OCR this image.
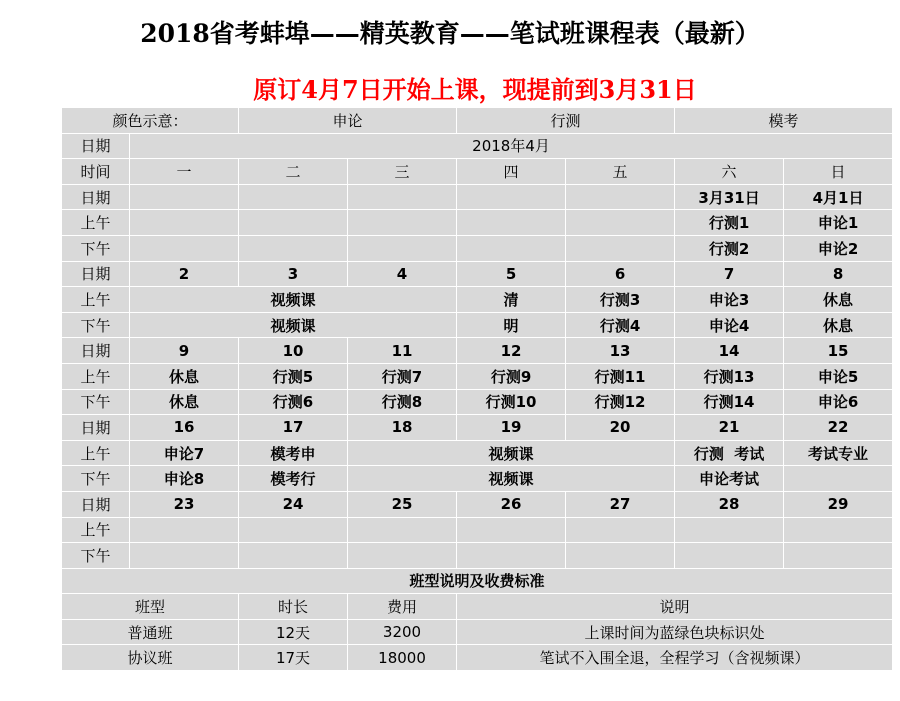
2018省考蚌埠——精英教育——笔试班课程表（最新）
原订4月7日开始上课，现提前到3月31日
颜色示意：		申论		行测		模考	
日期	2018年4月						
时间	一	二	三	四	五	六	日
日期						3月31日	4月1日
上午						行测1	申论1
下午						行测2	申论2
日期	2	3	4	5	6	7	8
上午	视频课			清	行测3	申论3	休息
下午	视频课			明	行测4	申论4	休息
日期	9	10	11	12	13	14	15
上午	休息	行测5	行测7	行测9	行测11	行测13	申论5
下午	休息	行测6	行测8	行测10	行测12	行测14	申论6
日期	16	17	18	19	20	21	22
上午	申论7	模考申	视频课			行测  考试	考试专业
下午	申论8	模考行	视频课			申论考试	
日期	23	24	25	26	27	28	29
上午							
下午							
班型说明及收费标准							
班型		时长	费用	说明			
普通班		12天	3200	上课时间为蓝绿色块标识处			
协议班		17天	18000	笔试不入围全退，全程学习（含视频课）			
